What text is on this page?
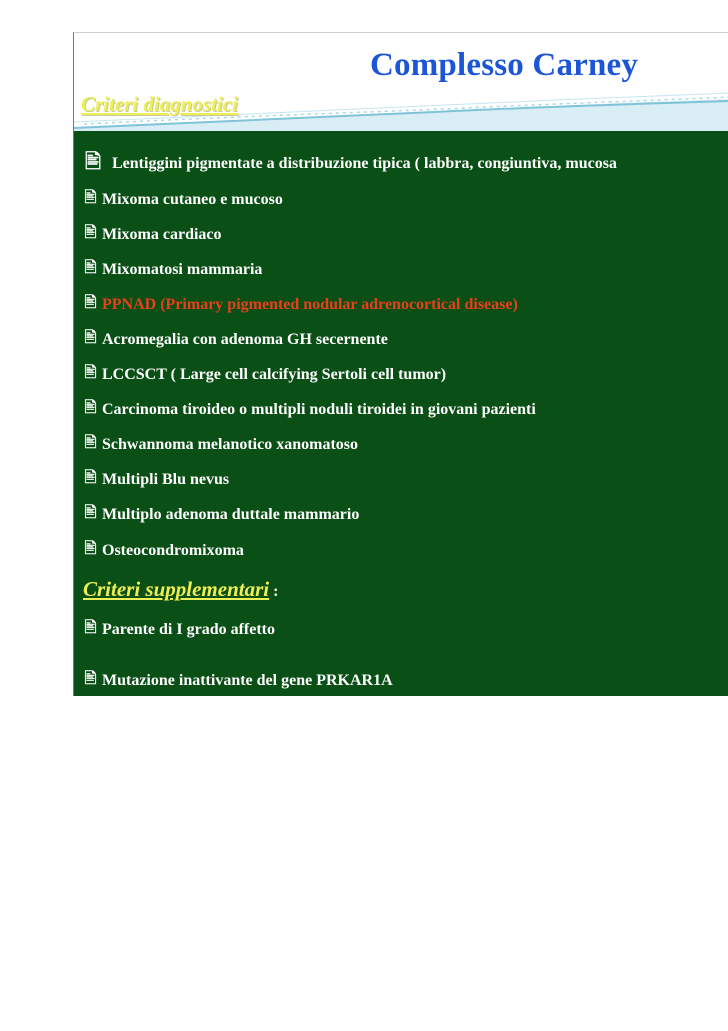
Complesso Carney
Criteri diagnostici
🖹 Lentiggini pigmentate a distribuzione tipica ( labbra, congiuntiva, mucosa
🖹 Mixoma cutaneo e mucoso
🖹 Mixoma cardiaco
🖹 Mixomatosi mammaria
🖹 PPNAD (Primary pigmented nodular adrenocortical disease)
🖹 Acromegalia con adenoma GH secernente
🖹 LCCSCT ( Large cell calcifying Sertoli cell tumor)
🖹 Carcinoma tiroideo o multipli noduli tiroidei in giovani pazienti
🖹 Schwannoma melanotico xanomatoso
🖹 Multipli Blu nevus
🖹 Multiplo adenoma duttale mammario
🖹 Osteocondromixoma
Criteri supplementari :
🖹 Parente di I grado affetto
🖹 Mutazione inattivante del gene PRKAR1A
